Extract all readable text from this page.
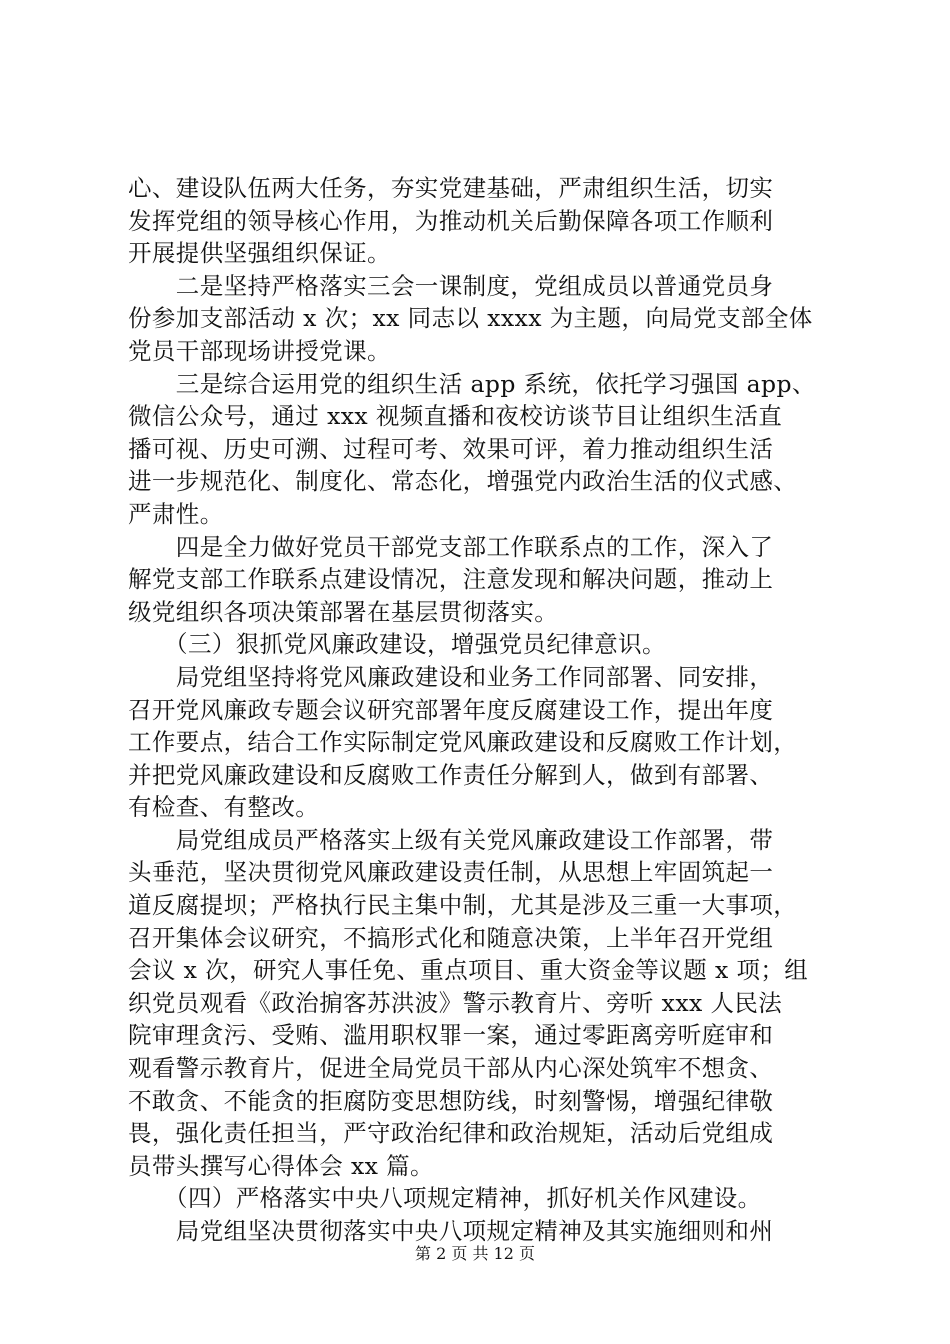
心、建设队伍两大任务，夯实党建基础，严肃组织生活，切实
发挥党组的领导核心作用，为推动机关后勤保障各项工作顺利
开展提供坚强组织保证。
　　二是坚持严格落实三会一课制度，党组成员以普通党员身
份参加支部活动 x 次；xx 同志以 xxxx 为主题，向局党支部全体
党员干部现场讲授党课。
　　三是综合运用党的组织生活 app 系统，依托学习强国 app、
微信公众号，通过 xxx 视频直播和夜校访谈节目让组织生活直
播可视、历史可溯、过程可考、效果可评，着力推动组织生活
进一步规范化、制度化、常态化，增强党内政治生活的仪式感、
严肃性。
　　四是全力做好党员干部党支部工作联系点的工作，深入了
解党支部工作联系点建设情况，注意发现和解决问题，推动上
级党组织各项决策部署在基层贯彻落实。
　　（三）狠抓党风廉政建设，增强党员纪律意识。
　　局党组坚持将党风廉政建设和业务工作同部署、同安排，
召开党风廉政专题会议研究部署年度反腐建设工作，提出年度
工作要点，结合工作实际制定党风廉政建设和反腐败工作计划，
并把党风廉政建设和反腐败工作责任分解到人，做到有部署、
有检查、有整改。
　　局党组成员严格落实上级有关党风廉政建设工作部署，带
头垂范，坚决贯彻党风廉政建设责任制，从思想上牢固筑起一
道反腐提坝；严格执行民主集中制，尤其是涉及三重一大事项，
召开集体会议研究，不搞形式化和随意决策，上半年召开党组
会议 x 次，研究人事任免、重点项目、重大资金等议题 x 项；组
织党员观看《政治掮客苏洪波》警示教育片、旁听 xxx 人民法
院审理贪污、受贿、滥用职权罪一案，通过零距离旁听庭审和
观看警示教育片，促进全局党员干部从内心深处筑牢不想贪、
不敢贪、不能贪的拒腐防变思想防线，时刻警惕，增强纪律敬
畏，强化责任担当，严守政治纪律和政治规矩，活动后党组成
员带头撰写心得体会 xx 篇。
　　（四）严格落实中央八项规定精神，抓好机关作风建设。
　　局党组坚决贯彻落实中央八项规定精神及其实施细则和州
第 2 页 共 12 页
